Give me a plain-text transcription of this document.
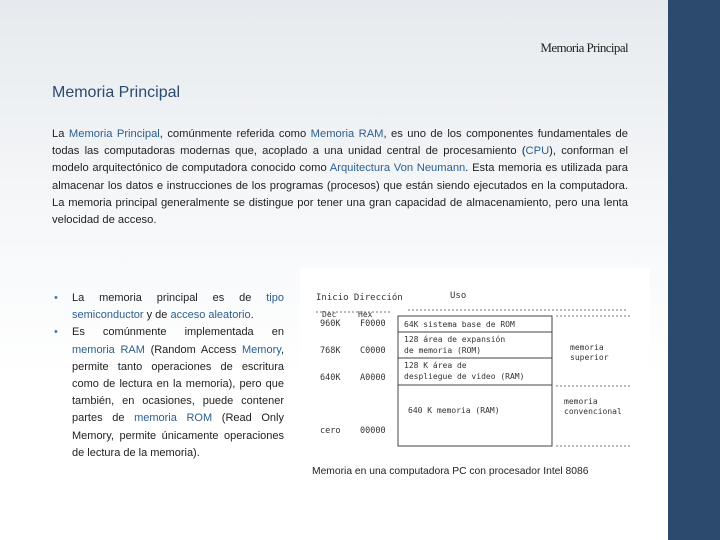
Memoria Principal
Memoria Principal

La Memoria Principal, comúnmente referida como Memoria RAM, es uno de los componentes fundamentales de todas las computadoras modernas que, acoplado a una unidad central de procesamiento (CPU), conforman el modelo arquitectónico de computadora conocido como Arquitectura Von Neumann. Esta memoria es utilizada para almacenar los datos e instrucciones de los programas (procesos) que están siendo ejecutados en la computadora. La memoria principal generalmente se distingue por tener una gran capacidad de almacenamiento, pero una lenta velocidad de acceso.

• La memoria principal es de tipo semiconductor y de acceso aleatorio.
• Es comúnmente implementada en memoria RAM (Random Access Memory, permite tanto operaciones de escritura como de lectura en la memoria), pero que también, en ocasiones, puede contener partes de memoria ROM (Read Only Memory, permite únicamente operaciones de lectura de la memoria).
Inicio Dirección	Uso
Dec	Hex
960K F0000
768K C0000
640K A0000
cero 00000
64K sistema base de ROM
128 área de expansión de memoria (ROM)
128 K área de despliegue de video (RAM)
640 K memoria (RAM)
memoria
superior
memoria
convencional
Memoria en una computadora PC con procesador Intel 8086
